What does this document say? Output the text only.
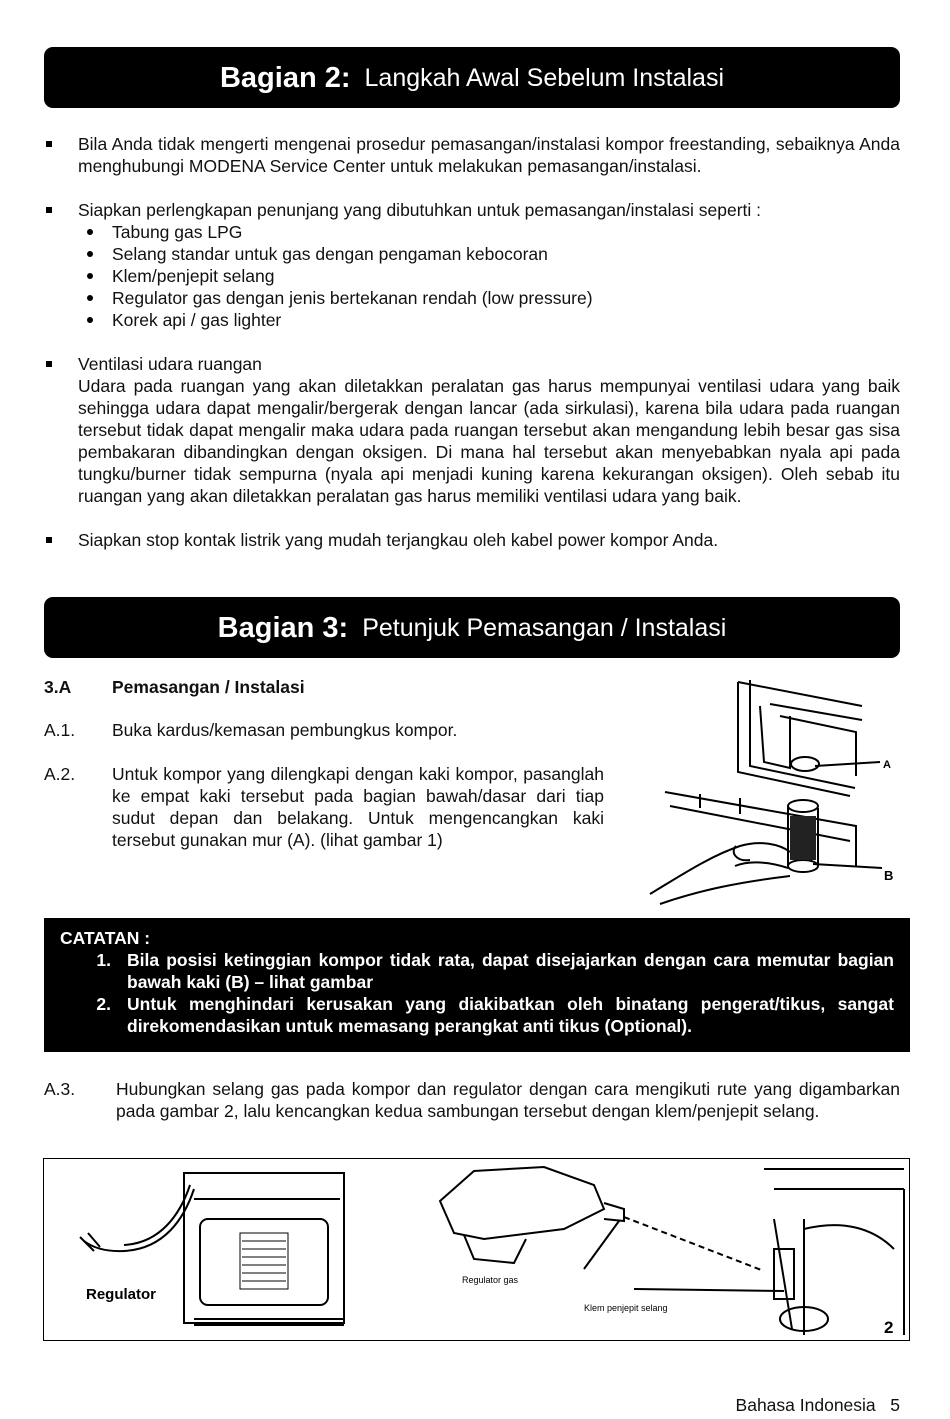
Bagian 2: Langkah Awal Sebelum Instalasi
Bila Anda tidak mengerti mengenai prosedur pemasangan/instalasi kompor freestanding, sebaiknya Anda menghubungi MODENA Service Center untuk melakukan pemasangan/instalasi.
Siapkan perlengkapan penunjang yang dibutuhkan untuk pemasangan/instalasi seperti :
Tabung gas LPG
Selang standar untuk gas dengan pengaman kebocoran
Klem/penjepit selang
Regulator gas dengan jenis bertekanan rendah (low pressure)
Korek api / gas lighter
Ventilasi udara ruangan
Udara pada ruangan yang akan diletakkan peralatan gas harus mempunyai ventilasi udara yang baik sehingga udara dapat mengalir/bergerak dengan lancar (ada sirkulasi), karena bila udara pada ruangan tersebut tidak dapat mengalir maka udara pada ruangan tersebut akan mengandung lebih besar gas sisa pembakaran dibandingkan dengan oksigen. Di mana hal tersebut akan menyebabkan nyala api pada tungku/burner tidak sempurna (nyala api menjadi kuning karena kekurangan oksigen). Oleh sebab itu ruangan yang akan diletakkan peralatan gas harus memiliki ventilasi udara yang baik.
Siapkan stop kontak listrik yang mudah terjangkau oleh kabel power kompor Anda.
Bagian 3: Petunjuk Pemasangan / Instalasi
3.A	Pemasangan / Instalasi
A.1.	Buka kardus/kemasan pembungkus kompor.
A.2.	Untuk kompor yang dilengkapi dengan kaki kompor, pasanglah ke empat kaki tersebut pada bagian bawah/dasar dari tiap sudut depan dan belakang. Untuk mengencangkan kaki tersebut gunakan mur (A). (lihat gambar 1)
A
B
CATATAN :
1. Bila posisi ketinggian kompor tidak rata, dapat disejajarkan dengan cara memutar bagian bawah kaki (B) – lihat gambar
2. Untuk menghindari kerusakan yang diakibatkan oleh binatang pengerat/tikus, sangat direkomendasikan untuk memasang perangkat anti tikus (Optional).
A.3.	Hubungkan selang gas pada kompor dan regulator dengan cara mengikuti rute yang digambarkan pada gambar 2, lalu kencangkan kedua sambungan tersebut dengan klem/penjepit selang.
Regulator
Regulator gas
Klem penjepit selang
2
Bahasa Indonesia 5
